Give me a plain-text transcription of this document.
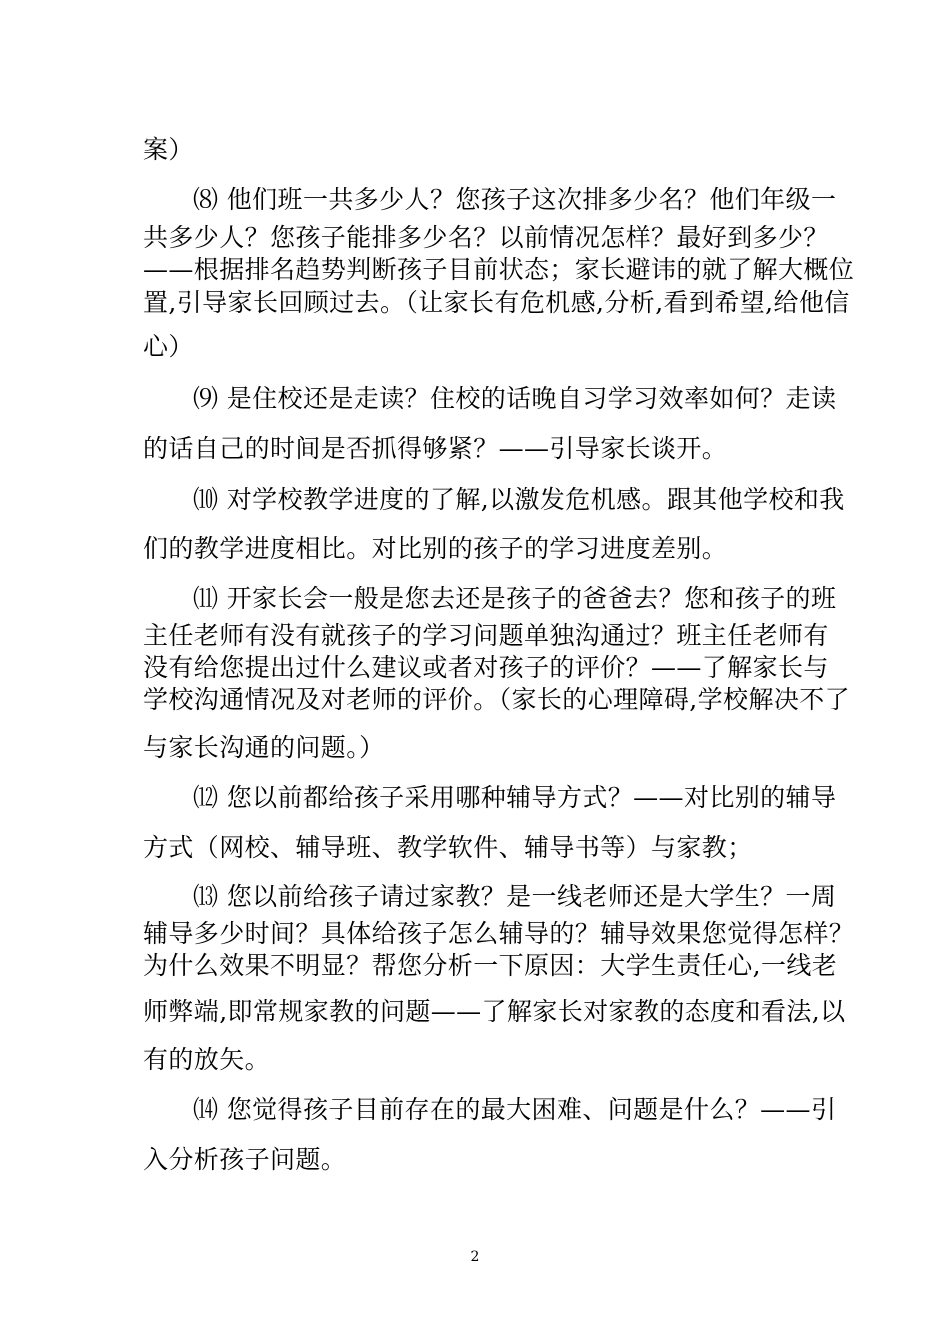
案）
⑻ 他们班一共多少人？您孩子这次排多少名？他们年级一
共多少人？您孩子能排多少名？以前情况怎样？最好到多少？
——根据排名趋势判断孩子目前状态；家长避讳的就了解大概位
置,引导家长回顾过去。（让家长有危机感,分析,看到希望,给他信
心）
⑼ 是住校还是走读？住校的话晚自习学习效率如何？走读
的话自己的时间是否抓得够紧？——引导家长谈开。
⑽ 对学校教学进度的了解,以激发危机感。跟其他学校和我
们的教学进度相比。对比别的孩子的学习进度差别。
⑾ 开家长会一般是您去还是孩子的爸爸去？您和孩子的班
主任老师有没有就孩子的学习问题单独沟通过？班主任老师有
没有给您提出过什么建议或者对孩子的评价？——了解家长与
学校沟通情况及对老师的评价。（家长的心理障碍,学校解决不了
与家长沟通的问题。）
⑿ 您以前都给孩子采用哪种辅导方式？——对比别的辅导
方式（网校、辅导班、教学软件、辅导书等）与家教；
⒀ 您以前给孩子请过家教？是一线老师还是大学生？一周
辅导多少时间？具体给孩子怎么辅导的？辅导效果您觉得怎样？
为什么效果不明显？帮您分析一下原因：大学生责任心,一线老
师弊端,即常规家教的问题——了解家长对家教的态度和看法,以
有的放矢。
⒁ 您觉得孩子目前存在的最大困难、问题是什么？——引
入分析孩子问题。
2
